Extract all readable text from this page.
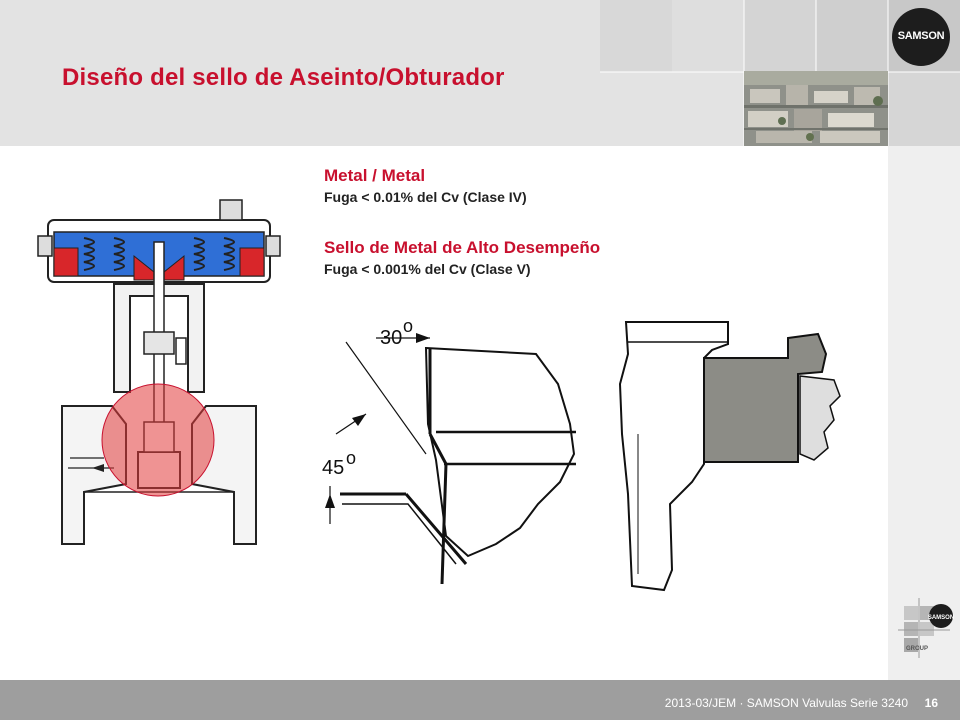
Diseño del sello de Aseinto/Obturador
SAMSON
Metal / Metal
Fuga < 0.01% del Cv (Clase IV)
Sello de Metal de Alto Desempeño
Fuga < 0.001% del Cv (Clase V)
30
o
45 o
SAMSON
GROUP
2013-03/JEM · SAMSON Valvulas Serie 3240 16
